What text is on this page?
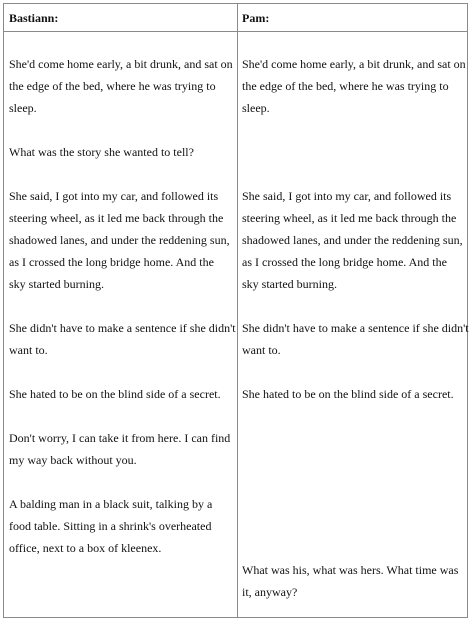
Bastiann:	Pam:
She'd come home early, a bit drunk, and sat on
the edge of the bed, where he was trying to
sleep.
What was the story she wanted to tell?
She said, I got into my car, and followed its
steering wheel, as it led me back through the
shadowed lanes, and under the reddening sun,
as I crossed the long bridge home. And the
sky started burning.
She didn't have to make a sentence if she didn't
want to.
She hated to be on the blind side of a secret.
Don't worry, I can take it from here. I can find
my way back without you.
A balding man in a black suit, talking by a
food table. Sitting in a shrink's overheated
office, next to a box of kleenex.
She'd come home early, a bit drunk, and sat on
the edge of the bed, where he was trying to
sleep.
She said, I got into my car, and followed its
steering wheel, as it led me back through the
shadowed lanes, and under the reddening sun,
as I crossed the long bridge home. And the
sky started burning.
She didn't have to make a sentence if she didn't
want to.
She hated to be on the blind side of a secret.
What was his, what was hers. What time was
it, anyway?
